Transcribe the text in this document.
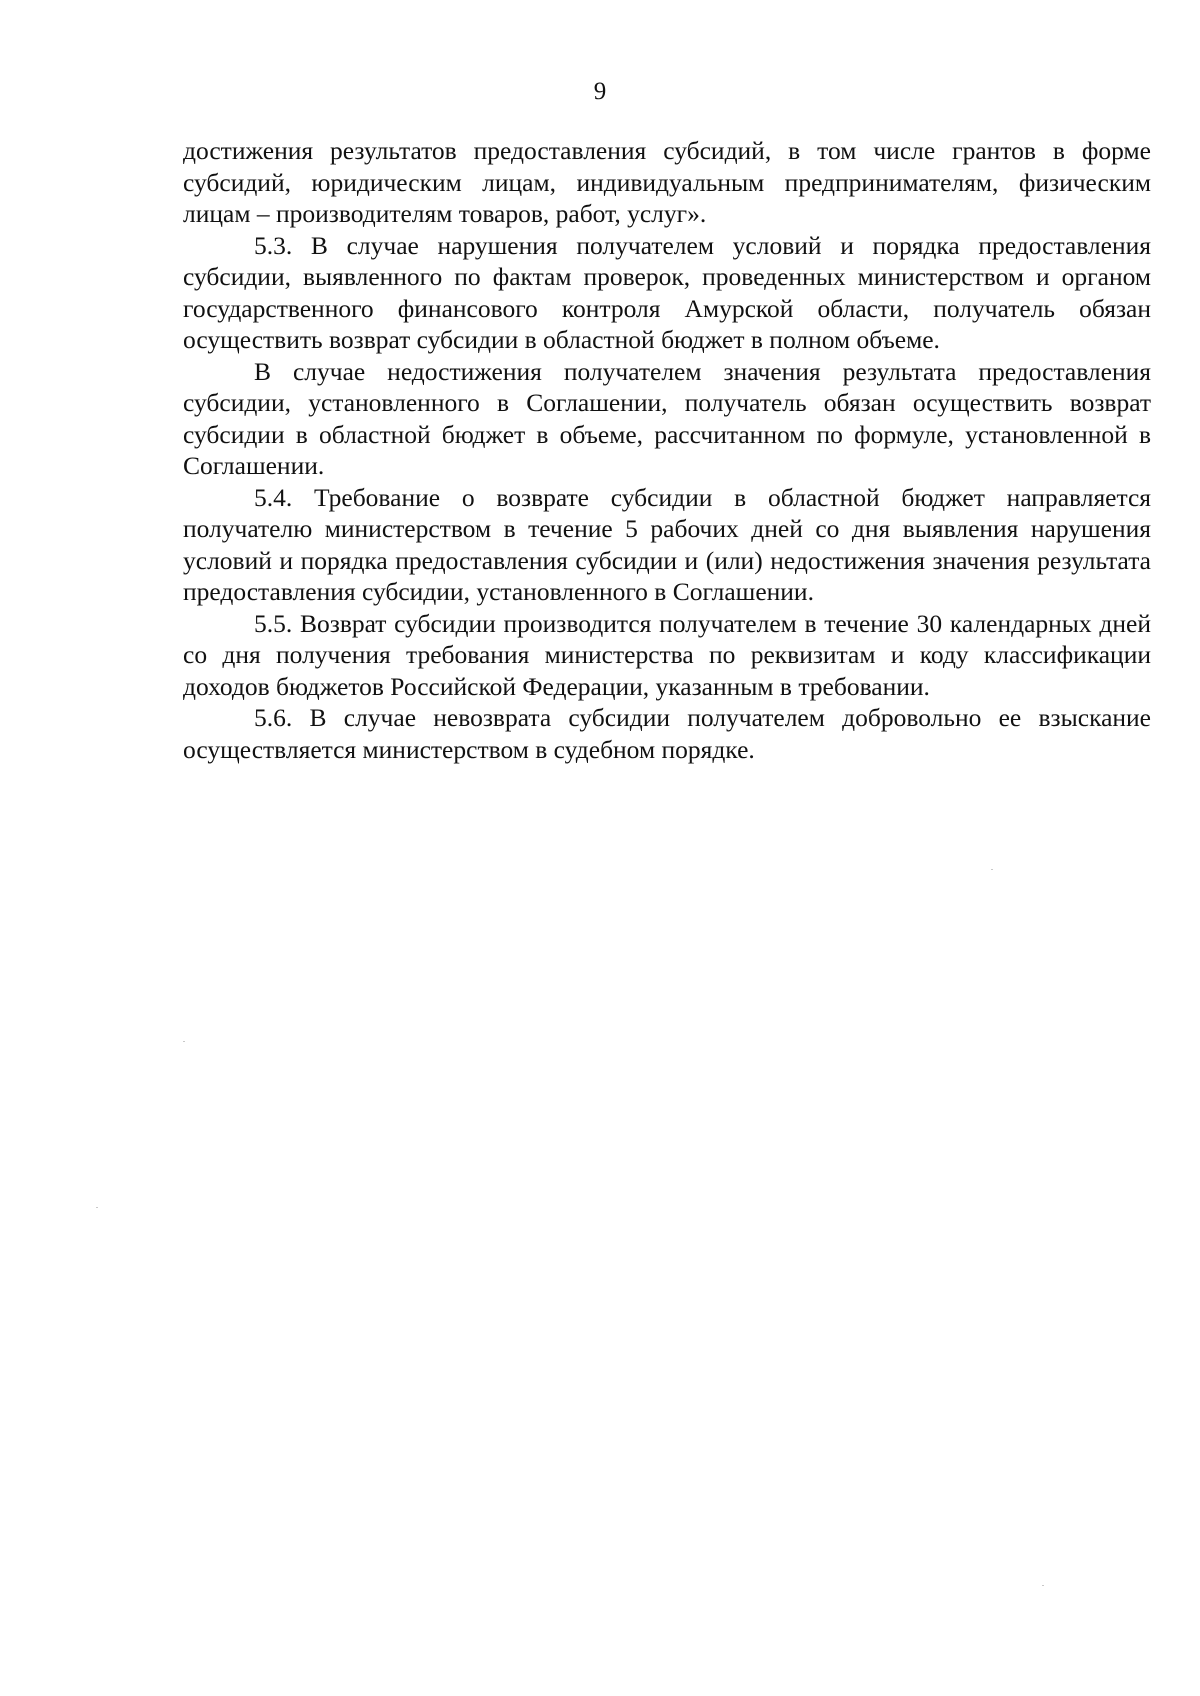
9

достижения результатов предоставления субсидий, в том числе грантов в форме субсидий, юридическим лицам, индивидуальным предпринимателям, физическим лицам – производителям товаров, работ, услуг».

5.3. В случае нарушения получателем условий и порядка предоставления субсидии, выявленного по фактам проверок, проведенных министерством и органом государственного финансового контроля Амурской области, получатель обязан осуществить возврат субсидии в областной бюджет в полном объеме.

В случае недостижения получателем значения результата предоставления субсидии, установленного в Соглашении, получатель обязан осуществить возврат субсидии в областной бюджет в объеме, рассчитанном по формуле, установленной в Соглашении.

5.4. Требование о возврате субсидии в областной бюджет направляется получателю министерством в течение 5 рабочих дней со дня выявления нарушения условий и порядка предоставления субсидии и (или) недостижения значения результата предоставления субсидии, установленного в Соглашении.

5.5. Возврат субсидии производится получателем в течение 30 календарных дней со дня получения требования министерства по реквизитам и коду классификации доходов бюджетов Российской Федерации, указанным в требовании.

5.6. В случае невозврата субсидии получателем добровольно ее взыскание осуществляется министерством в судебном порядке.
